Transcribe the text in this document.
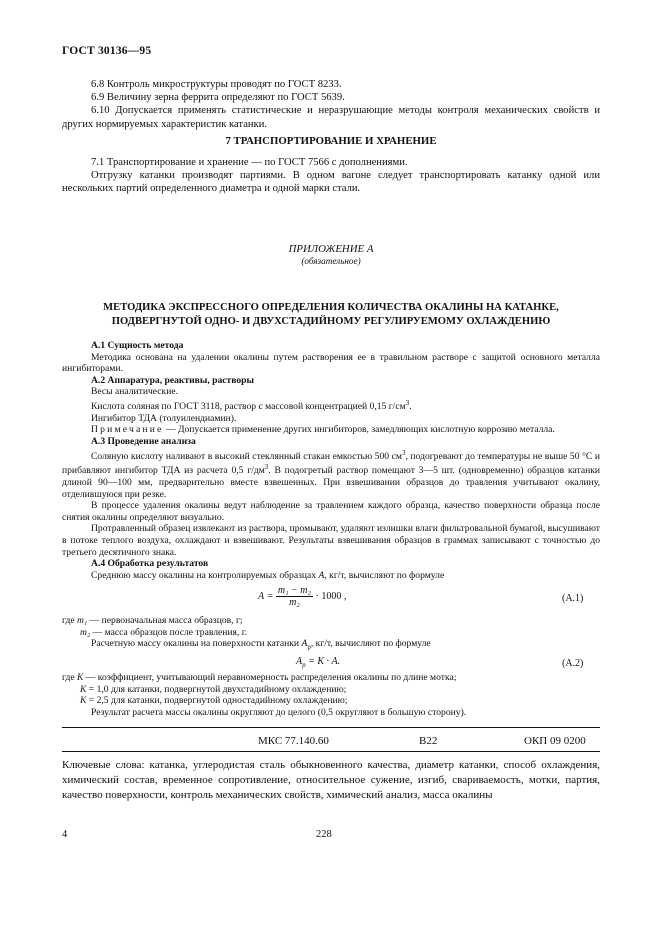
ГОСТ 30136—95

6.8 Контроль микроструктуры проводят по ГОСТ 8233.

6.9 Величину зерна феррита определяют по ГОСТ 5639.

6.10 Допускается применять статистические и неразрушающие методы контроля механических свойств и других нормируемых характеристик катанки.

7 ТРАНСПОРТИРОВАНИЕ И ХРАНЕНИЕ

7.1 Транспортирование и хранение — по ГОСТ 7566 с дополнениями.

Отгрузку катанки производят партиями. В одном вагоне следует транспортировать катанку одной или нескольких партий определенного диаметра и одной марки стали.

ПРИЛОЖЕНИЕ А
(обязательное)
МЕТОДИКА ЭКСПРЕССНОГО ОПРЕДЕЛЕНИЯ КОЛИЧЕСТВА ОКАЛИНЫ НА КАТАНКЕ,
ПОДВЕРГНУТОЙ ОДНО- И ДВУХСТАДИЙНОМУ РЕГУЛИРУЕМОМУ ОХЛАЖДЕНИЮ

А.1 Сущность метода

Методика основана на удалении окалины путем растворения ее в травильном растворе с защитой основного металла ингибиторами.

А.2 Аппаратура, реактивы, растворы

Весы аналитические.

Кислота соляная по ГОСТ 3118, раствор с массовой концентрацией 0,15 $г/см^3$.

Ингибитор ТДА (толуилендиамин).

Примечание — Допускается применение других ингибиторов, замедляющих кислотную коррозию металла.

А.3 Проведение анализа

Соляную кислоту наливают в высокий стеклянный стакан емкостью 500 $см^3$, подогревают до температуры не выше 50 °С и прибавляют ингибитор ТДА из расчета 0,5 $г/дм^3$. В подогретый раствор помещают 3—5 шт. (одновременно) образцов катанки длиной 90—100 мм, предварительно вместе взвешенных. При взвешивании образцов до травления учитывают окалину, отделившуюся при резке.

В процессе удаления окалины ведут наблюдение за травлением каждого образца, качество поверхности образца после снятия окалины определяют визуально.

Протравленный образец извлекают из раствора, промывают, удаляют излишки влаги фильтровальной бумагой, высушивают в потоке теплого воздуха, охлаждают и взвешивают. Результаты взвешивания образцов в граммах записывают с точностью до третьего десятичного знака.

А.4 Обработка результатов

Среднюю массу окалины на контролируемых образцах А, кг/т, вычисляют по формуле

$А = \frac{\text{m₁ − m₂}}{\text{m₂}} \cdot 1000$ ,	(А.1)

где m₁ — первоначальная масса образцов, г;

m₂ — масса образцов после травления, г.

Расчетную массу окалины на поверхности катанки $А_р$, кг/т, вычисляют по формуле

$А_р = K \cdot А$.	(А.2)

где K — коэффициент, учитывающий неравномерность распределения окалины по длине мотка;

K = 1,0 для катанки, подвергнутой двухстадийному охлаждению;

K = 2,5 для катанки, подвергнутой одностадийному охлаждению;

Результат расчета массы окалины округляют до целого (0,5 округляют в большую сторону).

МКС 77.140.60	В22	ОКП 09 0200
Ключевые слова: катанка, углеродистая сталь обыкновенного качества, диаметр катанки, способ охлаждения, химический состав, временное сопротивление, относительное сужение, изгиб, свариваемость, мотки, партия, качество поверхности, контроль механических свойств, химический анализ, масса окалины
4	228
